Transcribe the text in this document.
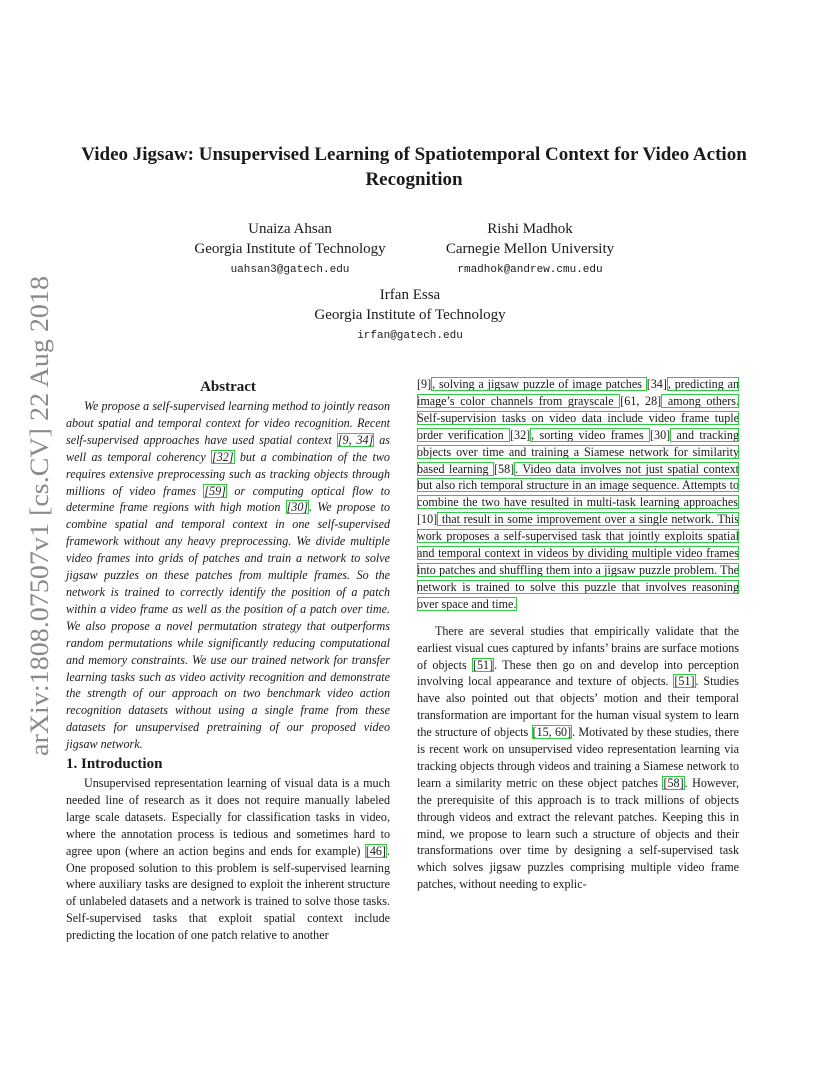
arXiv:1808.07507v1 [cs.CV] 22 Aug 2018
Video Jigsaw: Unsupervised Learning of Spatiotemporal Context for Video Action Recognition
Unaiza Ahsan
Georgia Institute of Technology
uahsan3@gatech.edu
Rishi Madhok
Carnegie Mellon University
rmadhok@andrew.cmu.edu
Irfan Essa
Georgia Institute of Technology
irfan@gatech.edu

Abstract

We propose a self-supervised learning method to jointly reason about spatial and temporal context for video recognition. Recent self-supervised approaches have used spatial context [9, 34] as well as temporal coherency [32] but a combination of the two requires extensive preprocessing such as tracking objects through millions of video frames [59] or computing optical flow to determine frame regions with high motion [30]. We propose to combine spatial and temporal context in one self-supervised framework without any heavy preprocessing. We divide multiple video frames into grids of patches and train a network to solve jigsaw puzzles on these patches from multiple frames. So the network is trained to correctly identify the position of a patch within a video frame as well as the position of a patch over time. We also propose a novel permutation strategy that outperforms random permutations while significantly reducing computational and memory constraints. We use our trained network for transfer learning tasks such as video activity recognition and demonstrate the strength of our approach on two benchmark video action recognition datasets without using a single frame from these datasets for unsupervised pretraining of our proposed video jigsaw network.

1. Introduction

Unsupervised representation learning of visual data is a much needed line of research as it does not require manually labeled large scale datasets. Especially for classification tasks in video, where the annotation process is tedious and sometimes hard to agree upon (where an action begins and ends for example) [46]. One proposed solution to this problem is self-supervised learning where auxiliary tasks are designed to exploit the inherent structure of unlabeled datasets and a network is trained to solve those tasks. Self-supervised tasks that exploit spatial context include predicting the location of one patch relative to another

[9], solving a jigsaw puzzle of image patches [34], predicting an image’s color channels from grayscale [61, 28] among others. Self-supervision tasks on video data include video frame tuple order verification [32], sorting video frames [30] and tracking objects over time and training a Siamese network for similarity based learning [58]. Video data involves not just spatial context but also rich temporal structure in an image sequence. Attempts to combine the two have resulted in multi-task learning approaches [10] that result in some improvement over a single network. This work proposes a self-supervised task that jointly exploits spatial and temporal context in videos by dividing multiple video frames into patches and shuffling them into a jigsaw puzzle problem. The network is trained to solve this puzzle that involves reasoning over space and time.

There are several studies that empirically validate that the earliest visual cues captured by infants’ brains are surface motions of objects [51]. These then go on and develop into perception involving local appearance and texture of objects. [51]. Studies have also pointed out that objects’ motion and their temporal transformation are important for the human visual system to learn the structure of objects [15, 60]. Motivated by these studies, there is recent work on unsupervised video representation learning via tracking objects through videos and training a Siamese network to learn a similarity metric on these object patches [58]. However, the prerequisite of this approach is to track millions of objects through videos and extract the relevant patches. Keeping this in mind, we propose to learn such a structure of objects and their transformations over time by designing a self-supervised task which solves jigsaw puzzles comprising multiple video frame patches, without needing to explic-
